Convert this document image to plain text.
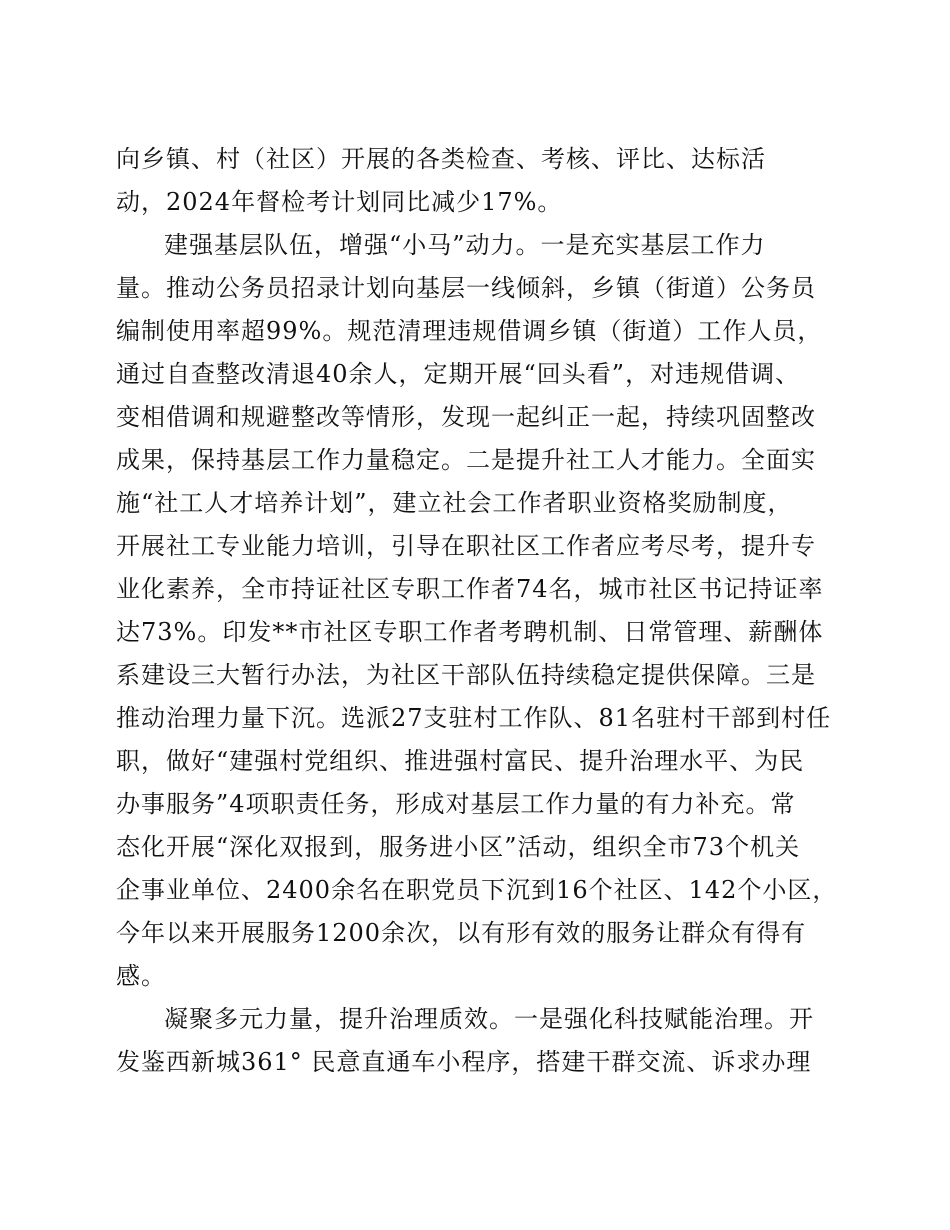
向乡镇、村（社区）开展的各类检查、考核、评比、达标活
动，2024年督检考计划同比减少17%。
建强基层队伍，增强“小马”动力。一是充实基层工作力
量。推动公务员招录计划向基层一线倾斜，乡镇（街道）公务员
编制使用率超99%。规范清理违规借调乡镇（街道）工作人员，
通过自查整改清退40余人，定期开展“回头看”，对违规借调、
变相借调和规避整改等情形，发现一起纠正一起，持续巩固整改
成果，保持基层工作力量稳定。二是提升社工人才能力。全面实
施“社工人才培养计划”，建立社会工作者职业资格奖励制度，
开展社工专业能力培训，引导在职社区工作者应考尽考，提升专
业化素养，全市持证社区专职工作者74名，城市社区书记持证率
达73%。印发**市社区专职工作者考聘机制、日常管理、薪酬体
系建设三大暂行办法，为社区干部队伍持续稳定提供保障。三是
推动治理力量下沉。选派27支驻村工作队、81名驻村干部到村任
职，做好“建强村党组织、推进强村富民、提升治理水平、为民
办事服务”4项职责任务，形成对基层工作力量的有力补充。常
态化开展“深化双报到，服务进小区”活动，组织全市73个机关
企事业单位、2400余名在职党员下沉到16个社区、142个小区，
今年以来开展服务1200余次，以有形有效的服务让群众有得有
感。
凝聚多元力量，提升治理质效。一是强化科技赋能治理。开
发鉴西新城361° 民意直通车小程序，搭建干群交流、诉求办理
